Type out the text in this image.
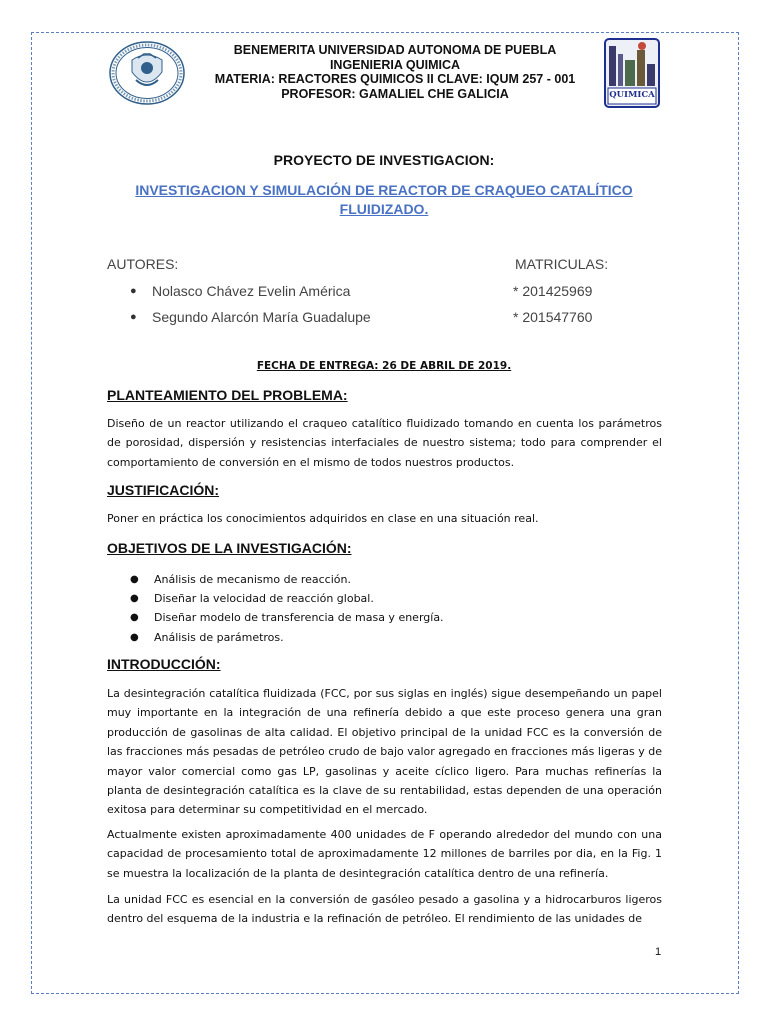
QUIMICA
BENEMERITA UNIVERSIDAD AUTONOMA DE PUEBLA
INGENIERIA QUIMICA
MATERIA: REACTORES QUIMICOS II CLAVE: IQUM 257 - 001
PROFESOR: GAMALIEL CHE GALICIA
PROYECTO DE INVESTIGACION:
INVESTIGACION Y SIMULACIÓN DE REACTOR DE CRAQUEO CATALÍTICO FLUIDIZADO.
AUTORES:	MATRICULAS:
● Nolasco Chávez Evelin América	* 201425969
● Segundo Alarcón María Guadalupe	* 201547760
FECHA DE ENTREGA: 26 DE ABRIL DE 2019.
PLANTEAMIENTO DEL PROBLEMA:

Diseño de un reactor utilizando el craqueo catalítico fluidizado tomando en cuenta los parámetros de porosidad, dispersión y resistencias interfaciales de nuestro sistema; todo para comprender el comportamiento de conversión en el mismo de todos nuestros productos.

JUSTIFICACIÓN:

Poner en práctica los conocimientos adquiridos en clase en una situación real.

OBJETIVOS DE LA INVESTIGACIÓN:
● Análisis de mecanismo de reacción.
● Diseñar la velocidad de reacción global.
● Diseñar modelo de transferencia de masa y energía.
● Análisis de parámetros.
INTRODUCCIÓN:

La desintegración catalítica fluidizada (FCC, por sus siglas en inglés) sigue desempeñando un papel muy importante en la integración de una refinería debido a que este proceso genera una gran producción de gasolinas de alta calidad. El objetivo principal de la unidad FCC es la conversión de las fracciones más pesadas de petróleo crudo de bajo valor agregado en fracciones más ligeras y de mayor valor comercial como gas LP, gasolinas y aceite cíclico ligero. Para muchas refinerías la planta de desintegración catalítica es la clave de su rentabilidad, estas dependen de una operación exitosa para determinar su competitividad en el mercado.

Actualmente existen aproximadamente 400 unidades de F operando alrededor del mundo con una capacidad de procesamiento total de aproximadamente 12 millones de barriles por dia, en la Fig. 1 se muestra la localización de la planta de desintegración catalítica dentro de una refinería.

La unidad FCC es esencial en la conversión de gasóleo pesado a gasolina y a hidrocarburos ligeros dentro del esquema de la industria e la refinación de petróleo. El rendimiento de las unidades de

1
